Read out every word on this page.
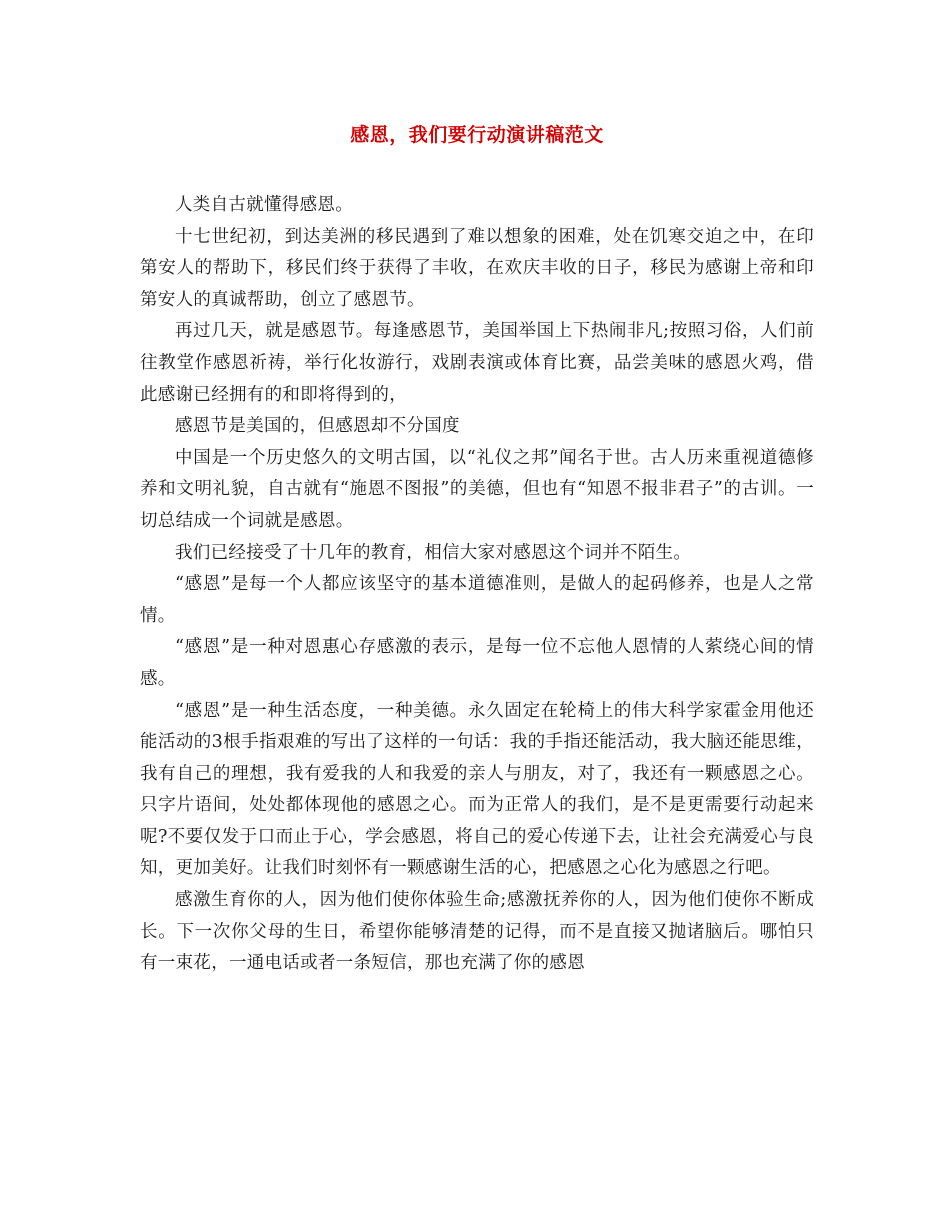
感恩，我们要行动演讲稿范文

人类自古就懂得感恩。

十七世纪初，到达美洲的移民遇到了难以想象的困难，处在饥寒交迫之中，在印第安人的帮助下，移民们终于获得了丰收，在欢庆丰收的日子，移民为感谢上帝和印第安人的真诚帮助，创立了感恩节。

再过几天，就是感恩节。每逢感恩节，美国举国上下热闹非凡;按照习俗，人们前往教堂作感恩祈祷，举行化妆游行，戏剧表演或体育比赛，品尝美味的感恩火鸡，借此感谢已经拥有的和即将得到的，

感恩节是美国的，但感恩却不分国度

中国是一个历史悠久的文明古国，以“礼仪之邦”闻名于世。古人历来重视道德修养和文明礼貌，自古就有“施恩不图报”的美德，但也有“知恩不报非君子”的古训。一切总结成一个词就是感恩。

我们已经接受了十几年的教育，相信大家对感恩这个词并不陌生。

“感恩”是每一个人都应该坚守的基本道德准则，是做人的起码修养，也是人之常情。

“感恩”是一种对恩惠心存感激的表示，是每一位不忘他人恩情的人萦绕心间的情感。

“感恩”是一种生活态度，一种美德。永久固定在轮椅上的伟大科学家霍金用他还能活动的3根手指艰难的写出了这样的一句话：我的手指还能活动，我大脑还能思维，我有自己的理想，我有爱我的人和我爱的亲人与朋友，对了，我还有一颗感恩之心。只字片语间，处处都体现他的感恩之心。而为正常人的我们，是不是更需要行动起来呢?不要仅发于口而止于心，学会感恩，将自己的爱心传递下去，让社会充满爱心与良知，更加美好。让我们时刻怀有一颗感谢生活的心，把感恩之心化为感恩之行吧。

感激生育你的人，因为他们使你体验生命;感激抚养你的人，因为他们使你不断成长。下一次你父母的生日，希望你能够清楚的记得，而不是直接又抛诸脑后。哪怕只有一束花，一通电话或者一条短信，那也充满了你的感恩
